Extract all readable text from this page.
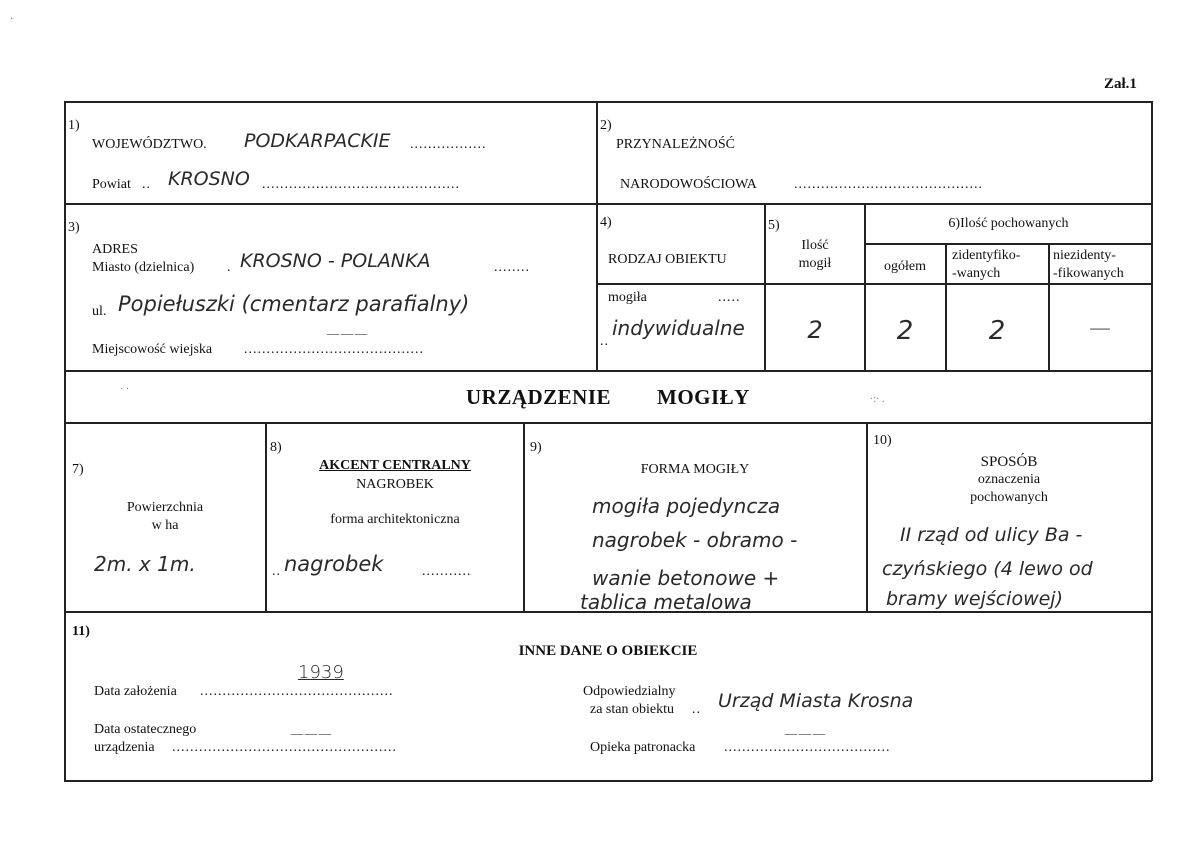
Zał.1
1)
WOJEWÓDZTWO. PODKARPACKIE .................
Powiat .. KROSNO ............................................
2)
PRZYNALEŻNOŚĆ
NARODOWOŚCIOWA	..........................................
3)
ADRES
Miasto (dzielnica) . KROSNO - POLANKA	........
ul. Popiełuszki (cmentarz parafialny)
Miejscowość wiejska ........................................
———
4)
RODZAJ OBIEKTU
mogiła	.....
..
indywidualne
5)
Ilość
mogił
2
6)Ilość pochowanych
ogółem
zidentyfiko-
-wanych
niezidenty-
-fikowanych
2	2	—
URZĄDZENIE MOGIŁY
7)
Powierzchnia
w ha
2m. x 1m.
8)
AKCENT CENTRALNY
NAGROBEK
forma architektoniczna
.. nagrobek	...........
9)
FORMA MOGIŁY
mogiła pojedyncza
nagrobek - obramo -
wanie betonowe +
tablica metalowa
10)
SPOSÓB
oznaczenia
pochowanych
II rząd od ulicy Ba -
czyńskiego (4 lewo od
bramy wejściowej)
11)
INNE DANE O OBIEKCIE
Data założenia ...........................................
1939
Data ostatecznego
urządzenia ..................................................
———
Odpowiedzialny
za stan obiektu .. Urząd Miasta Krosna
Opieka patronacka .....................................
———
· ·
·:· .
·
